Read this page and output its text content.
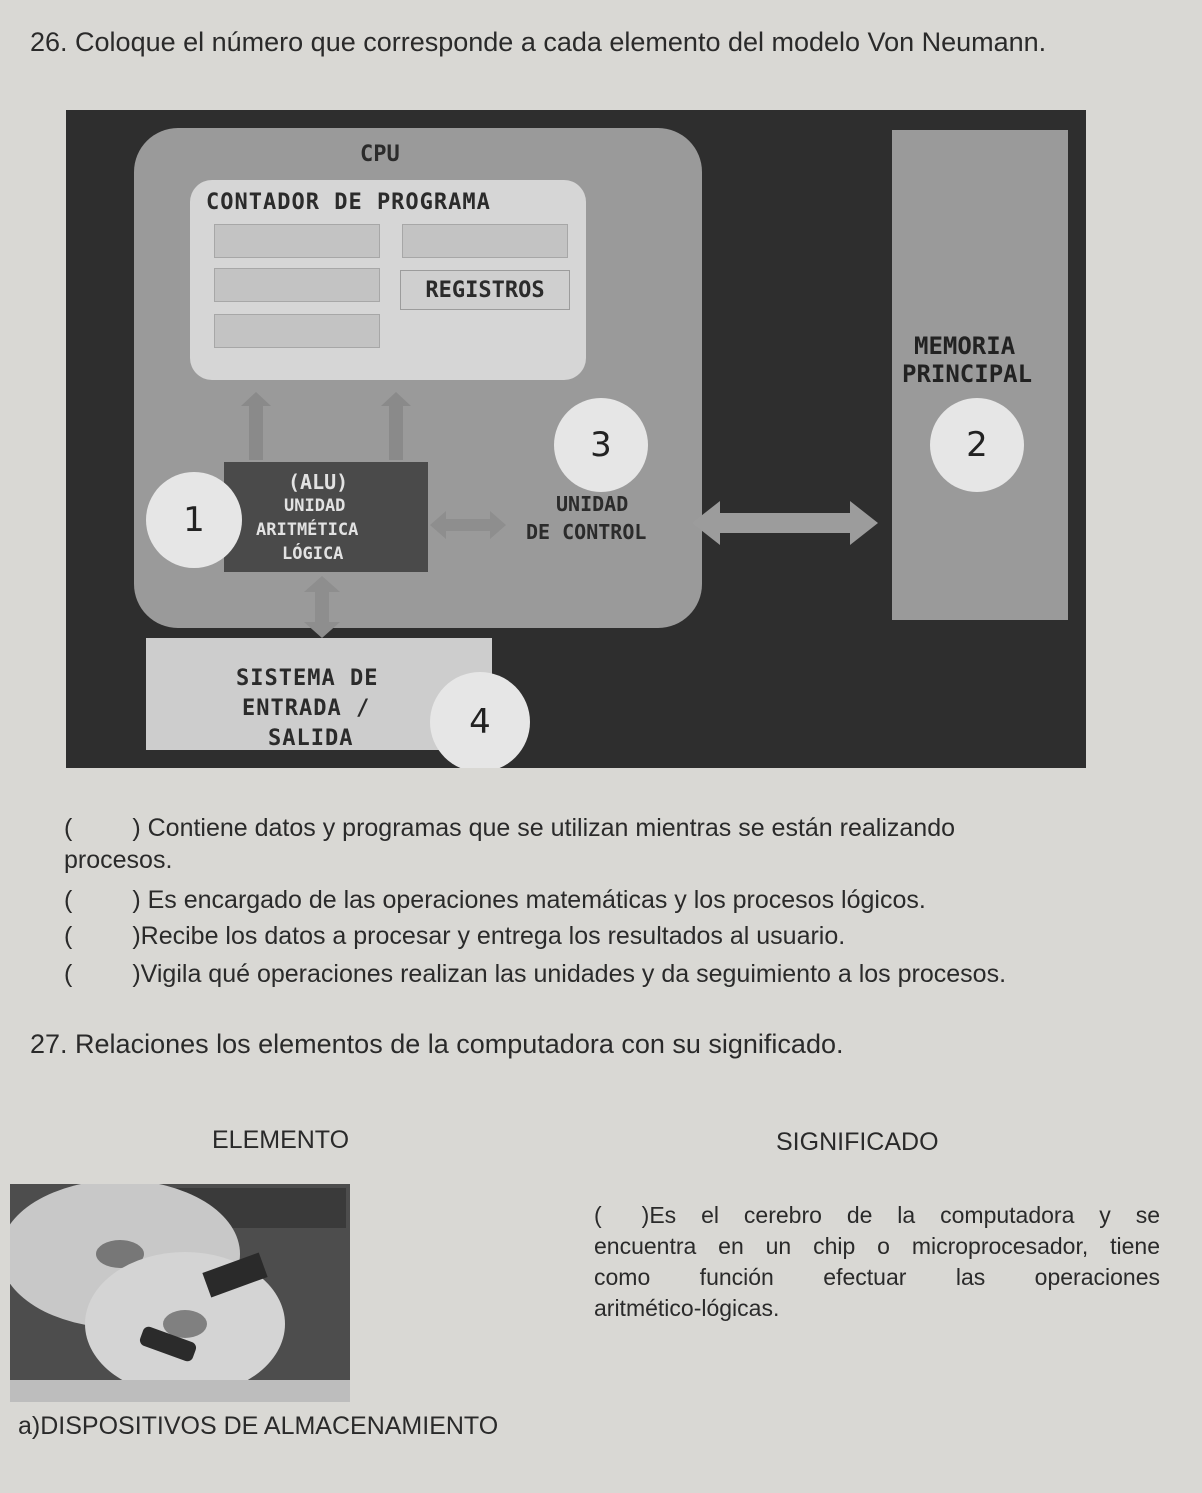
26. Coloque el número que corresponde a cada elemento del modelo Von Neumann.
CPU
CONTADOR DE PROGRAMA
REGISTROS
(ALU)
UNIDAD
ARITMÉTICA
LÓGICA
UNIDAD
DE CONTROL
MEMORIA
PRINCIPAL
SISTEMA DE
ENTRADA /
SALIDA
1
2
3
4
( ) Contiene datos y programas que se utilizan mientras se están realizando
procesos.
( ) Es encargado de las operaciones matemáticas y los procesos lógicos.
( )Recibe los datos a procesar y entrega los resultados al usuario.
( )Vigila qué operaciones realizan las unidades y da seguimiento a los procesos.
27. Relaciones los elementos de la computadora con su significado.
ELEMENTO	SIGNIFICADO
a)DISPOSITIVOS DE ALMACENAMIENTO
( )Es el cerebro de la computadora y se
encuentra en un chip o microprocesador, tiene
como función efectuar las operaciones
aritmético-lógicas.
